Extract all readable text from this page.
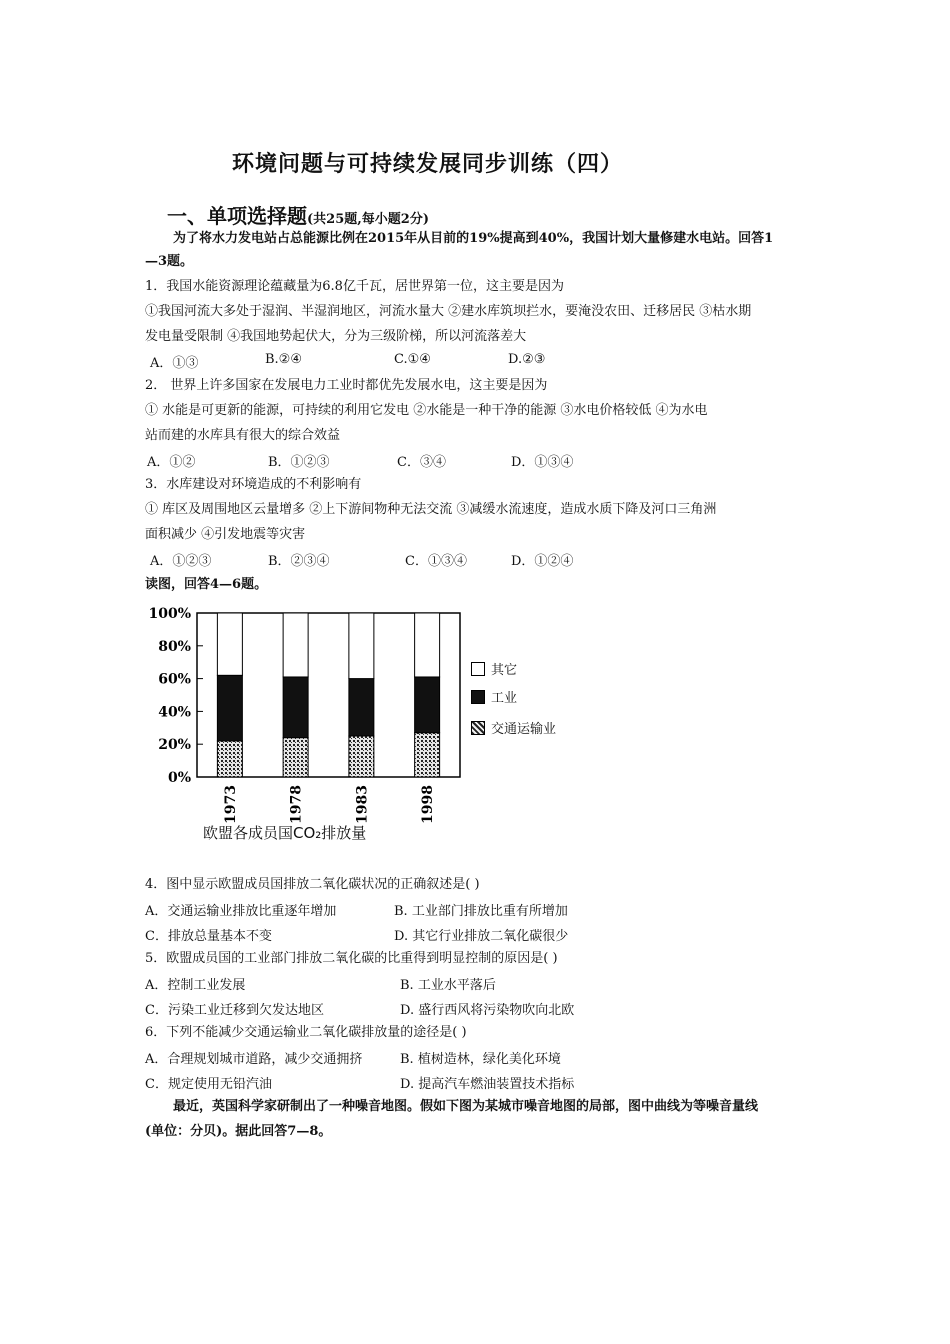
环境问题与可持续发展同步训练（四）
一、单项选择题(共25题,每小题2分)
为了将水力发电站占总能源比例在2015年从目前的19%提高到40%，我国计划大量修建水电站。回答1
—3题。
1．我国水能资源理论蕴藏量为6.8亿千瓦，居世界第一位，这主要是因为
①我国河流大多处于湿润、半湿润地区，河流水量大 ②建水库筑坝拦水，要淹没农田、迁移居民 ③枯水期
发电量受限制 ④我国地势起伏大，分为三级阶梯，所以河流落差大
A．①③	B.②④	C.①④	D.②③
2． 世界上许多国家在发展电力工业时都优先发展水电，这主要是因为
① 水能是可更新的能源，可持续的利用它发电 ②水能是一种干净的能源 ③水电价格较低 ④为水电
站而建的水库具有很大的综合效益
A．①②	B．①②③	C．③④	D．①③④
3．水库建设对环境造成的不利影响有
① 库区及周围地区云量增多 ②上下游间物种无法交流 ③减缓水流速度，造成水质下降及河口三角洲
面积减少 ④引发地震等灾害
A．①②③	B．②③④	C．①③④	D．①②④
读图，回答4—6题。
0%
20%
40%
60%
80%
100%
1973	1978	1983	1998
其它
工业
交通运输业
欧盟各成员国CO₂排放量
4．图中显示欧盟成员国排放二氧化碳状况的正确叙述是( )
A．交通运输业排放比重逐年增加	B. 工业部门排放比重有所增加
C．排放总量基本不变	D. 其它行业排放二氧化碳很少
5．欧盟成员国的工业部门排放二氧化碳的比重得到明显控制的原因是( )
A．控制工业发展	B. 工业水平落后
C．污染工业迁移到欠发达地区	D. 盛行西风将污染物吹向北欧
6．下列不能减少交通运输业二氧化碳排放量的途径是( )
A．合理规划城市道路，减少交通拥挤	B. 植树造林，绿化美化环境
C．规定使用无铅汽油	D. 提高汽车燃油装置技术指标
最近，英国科学家研制出了一种噪音地图。假如下图为某城市噪音地图的局部，图中曲线为等噪音量线
(单位：分贝)。据此回答7—8。
